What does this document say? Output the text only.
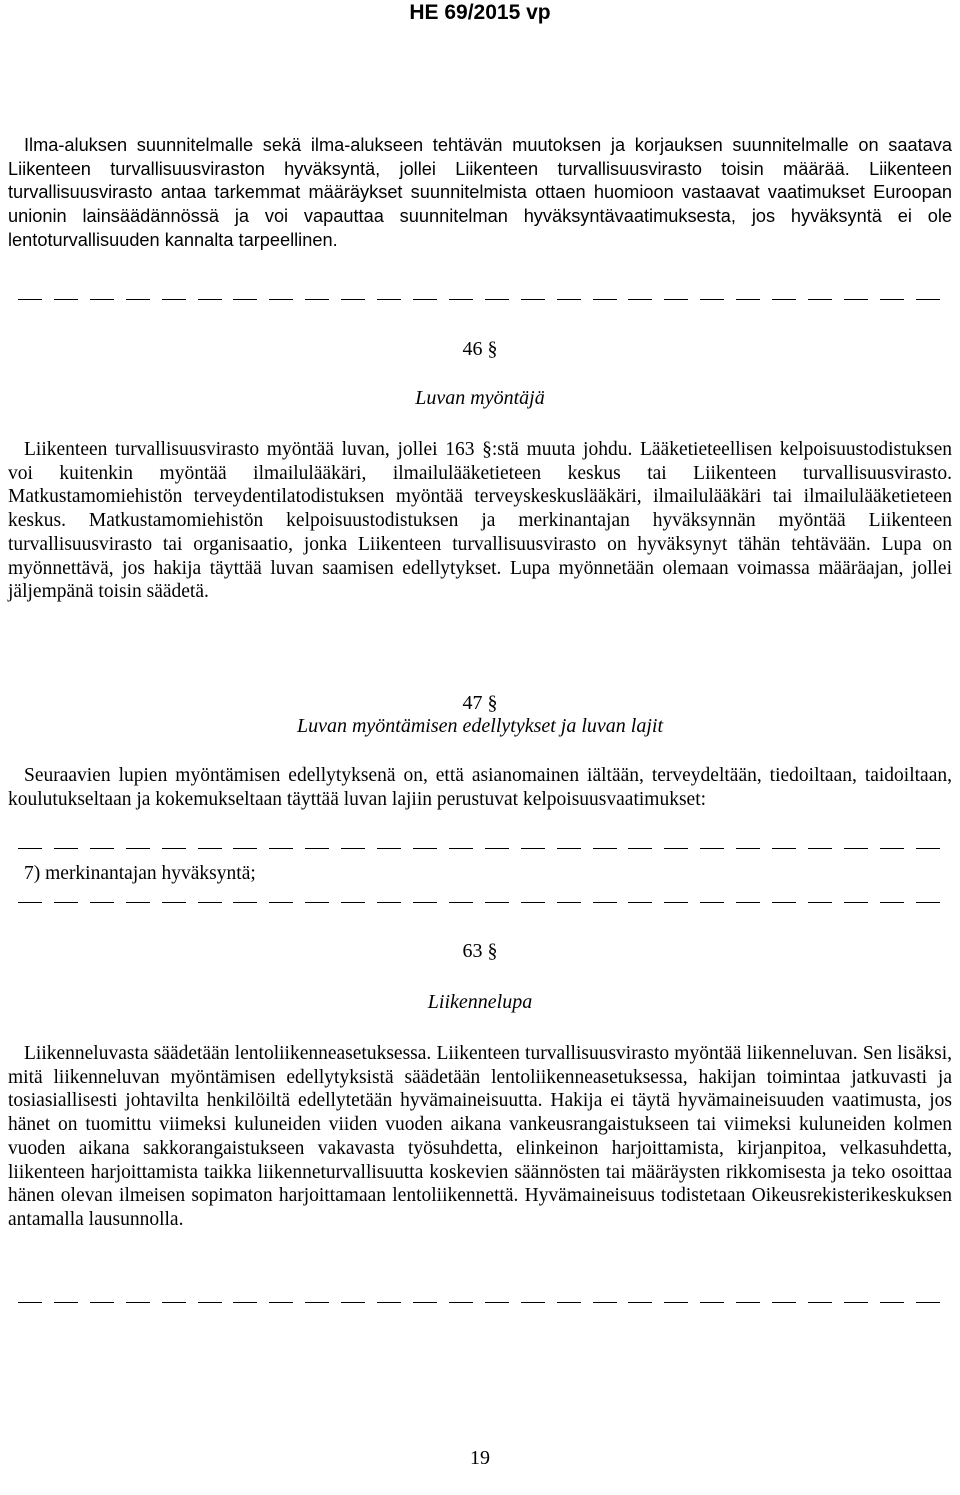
HE 69/2015 vp
Ilma-aluksen suunnitelmalle sekä ilma-alukseen tehtävän muutoksen ja korjauksen suunnitelmalle on saatava Liikenteen turvallisuusviraston hyväksyntä, jollei Liikenteen turvallisuusvirasto toisin määrää. Liikenteen turvallisuusvirasto antaa tarkemmat määräykset suunnitelmista ottaen huomioon vastaavat vaatimukset Euroopan unionin lainsäädännössä ja voi vapauttaa suunnitelman hyväksyntävaatimuksesta, jos hyväksyntä ei ole lentoturvallisuuden kannalta tarpeellinen.
46 §
Luvan myöntäjä
Liikenteen turvallisuusvirasto myöntää luvan, jollei 163 §:stä muuta johdu. Lääketieteellisen kelpoisuustodistuksen voi kuitenkin myöntää ilmailulääkäri, ilmailulääketieteen keskus tai Liikenteen turvallisuusvirasto. Matkustamomiehistön terveydentilatodistuksen myöntää terveyskeskuslääkäri, ilmailulääkäri tai ilmailulääketieteen keskus. Matkustamomiehistön kelpoisuustodistuksen ja merkinantajan hyväksynnän myöntää Liikenteen turvallisuusvirasto tai organisaatio, jonka Liikenteen turvallisuusvirasto on hyväksynyt tähän tehtävään. Lupa on myönnettävä, jos hakija täyttää luvan saamisen edellytykset. Lupa myönnetään olemaan voimassa määräajan, jollei jäljempänä toisin säädetä.
47 §
Luvan myöntämisen edellytykset ja luvan lajit
Seuraavien lupien myöntämisen edellytyksenä on, että asianomainen iältään, terveydeltään, tiedoiltaan, taidoiltaan, koulutukseltaan ja kokemukseltaan täyttää luvan lajiin perustuvat kelpoisuusvaatimukset:
7) merkinantajan hyväksyntä;
63 §
Liikennelupa
Liikenneluvasta säädetään lentoliikenneasetuksessa. Liikenteen turvallisuusvirasto myöntää liikenneluvan. Sen lisäksi, mitä liikenneluvan myöntämisen edellytyksistä säädetään lentoliikenneasetuksessa, hakijan toimintaa jatkuvasti ja tosiasiallisesti johtavilta henkilöiltä edellytetään hyvämaineisuutta. Hakija ei täytä hyvämaineisuuden vaatimusta, jos hänet on tuomittu viimeksi kuluneiden viiden vuoden aikana vankeusrangaistukseen tai viimeksi kuluneiden kolmen vuoden aikana sakkorangaistukseen vakavasta työsuhdetta, elinkeinon harjoittamista, kirjanpitoa, velkasuhdetta, liikenteen harjoittamista taikka liikenneturvallisuutta koskevien säännösten tai määräysten rikkomisesta ja teko osoittaa hänen olevan ilmeisen sopimaton harjoittamaan lentoliikennettä. Hyvämaineisuus todistetaan Oikeusrekisterikeskuksen antamalla lausunnolla.
19
